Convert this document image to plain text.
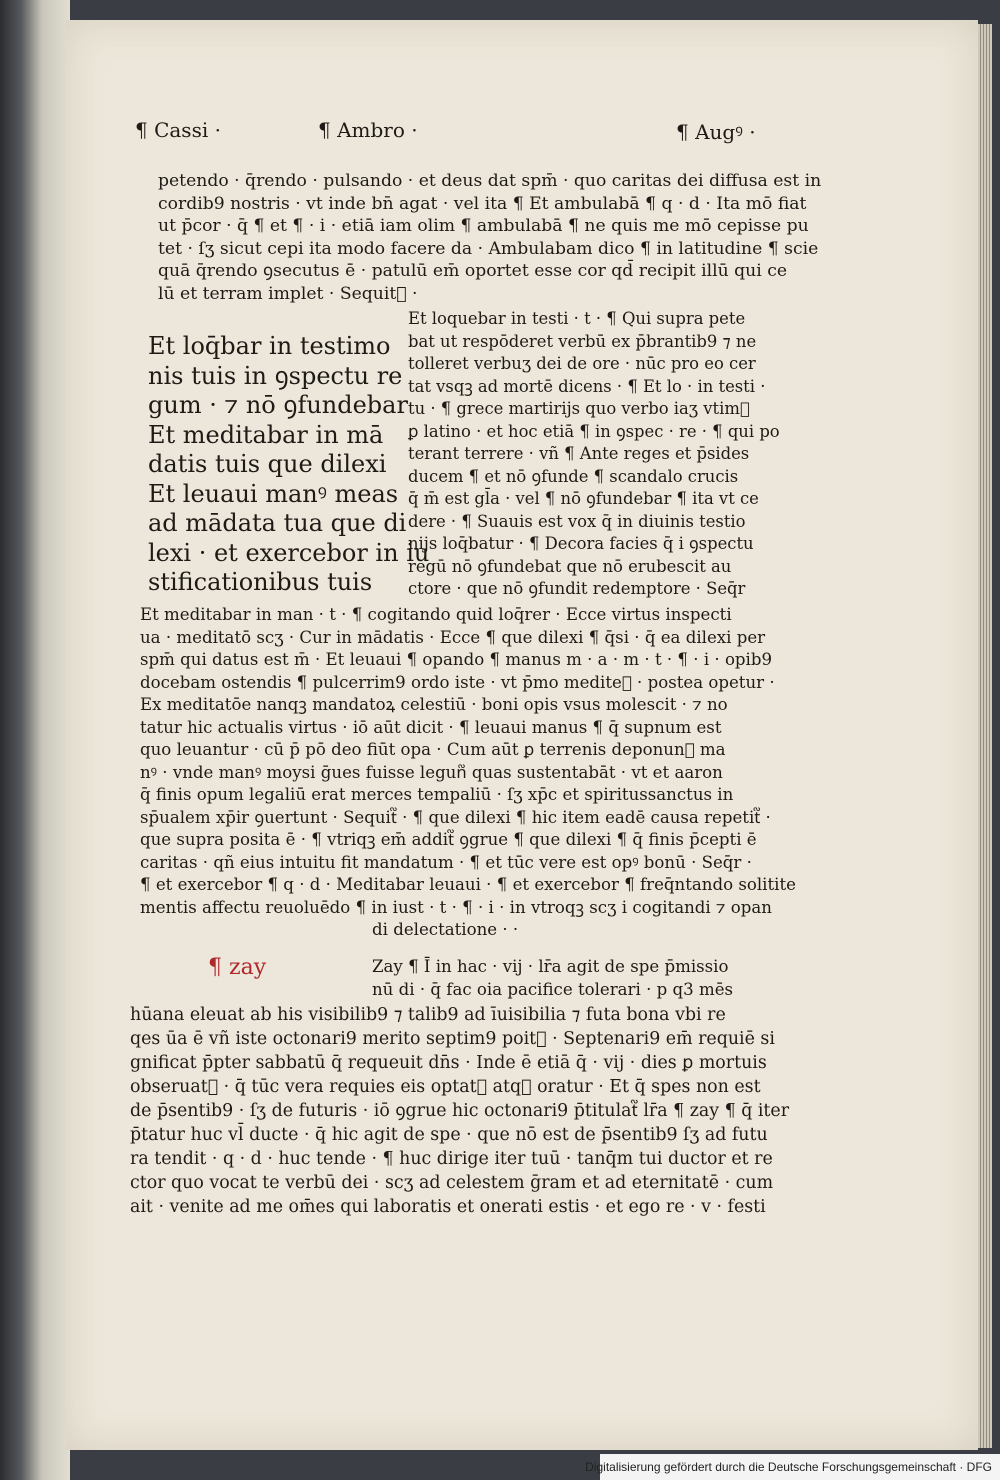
¶ Cassi ·	¶ Ambro ·	¶ Augꝰ ·
petendo · q̄rendo · pulsando · et deus dat spm̄ · quo caritas dei diffusa est in
cordib9 nostris · vt inde bn̄ agat · vel ita ¶ Et ambulabā ¶ q · d · Ita mō fiat
ut p̄cor · q̄ ¶ et ¶ · i · etiā iam olim ¶ ambulabā ¶ ne quis me mō cepisse pu
tet · ſʒ sicut cepi ita modo facere da · Ambulabam dico ¶ in latitudine ¶ scie
quā q̄rendo ꝯsecutus ē · patulū em̄ oportet esse cor qd̄ recipit illū qui ce
lū et terram implet · Sequit᷑ ·
Et loq̄bar in testimo
nis tuis in ꝯspectu re
gum · ⁊ nō ꝯfundebar
Et meditabar in mā
datis tuis que dilexi
Et leuaui manꝰ meas
ad mādata tua que di
lexi · et exercebor in iu
stificationibus tuis
Et loquebar in testi · t · ¶ Qui supra pete
bat ut respōderet verbū ex p̄brantib9 ⁊ ne
tolleret verbuʒ dei de ore · nūc pro eo cer
tat vsqꝫ ad mortē dicens · ¶ Et lo · in testi ·
tu · ¶ grece martirijs quo verbo iaʒ vtim᷑
ꝑ latino · et hoc etiā ¶ in ꝯspec · re · ¶ qui po
terant terrere · vñ ¶ Ante reges et p̄sides
ducem ¶ et nō ꝯfunde ¶ scandalo crucis
q̄ m̄ est gl̄a · vel ¶ nō ꝯfundebar ¶ ita vt ce
dere · ¶ Suauis est vox q̄ in diuinis testio
nijs loq̄batur · ¶ Decora facies q̄ i ꝯspectu
regū nō ꝯfundebat que nō erubescit au
ctore · que nō ꝯfundit redemptore · Seq̄r
Et meditabar in man · t · ¶ cogitando quid loq̄rer · Ecce virtus inspecti
ua · meditatō scʒ · Cur in mādatis · Ecce ¶ que dilexi ¶ q̄si · q̄ ea dilexi per
spm̄ qui datus est m̄ · Et leuaui ¶ opando ¶ manus m · a · m · t · ¶ · i · opib9
docebam ostendis ¶ pulcerrim9 ordo iste · vt p̄mo medite᷑ · postea opetur ·
Ex meditatōe nanqꝫ mandatoꝝ celestiū · boni opis vsus molescit · ⁊ no
tatur hic actualis virtus · iō aūt dicit · ¶ leuaui manus ¶ q̄ supnum est
quo leuantur · cū p̄ pō deo fiūt opa · Cum aūt ꝑ terrenis deponun᷑ ma
nꝰ · vnde manꝰ moysi ḡues fuisse legun᷑ quas sustentabāt · vt et aaron
q̄ finis opum legaliū erat merces tempaliū · ſʒ xp̄c et spiritussanctus in
sp̄ualem xp̄ir ꝯuertunt · Sequit᷑ · ¶ que dilexi ¶ hic item eadē causa repetit᷑ ·
que supra posita ē · ¶ vtriqꝫ em̄ addit᷑ ꝯgrue ¶ que dilexi ¶ q̄ finis p̄cepti ē
caritas · qñ eius intuitu fit mandatum · ¶ et tūc vere est opꝰ bonū · Seq̄r ·
¶ et exercebor ¶ q · d · Meditabar leuaui · ¶ et exercebor ¶ freq̄ntando solitite
mentis affectu reuoluēdo ¶ in iust · t · ¶ · i · in vtroqꝫ scʒ i cogitandi ⁊ opan
di delectatione · ·
¶ zay	Zay ¶ Ī in hac · vij · lr̄a agit de spe p̄missio
nū di · q̄ fac oia pacifice tolerari · p q3 mēs
hūana eleuat ab his visibilib9 ⁊ talib9 ad īuisibilia ⁊ futa bona vbi re
qes ūa ē vñ iste octonari9 merito septim9 poit᷑ · Septenari9 em̄ requiē si
gnificat p̄pter sabbatū q̄ requeuit dn̄s · Inde ē etiā q̄ · vij · dies ꝑ mortuis
obseruat᷑ · q̄ tūc vera requies eis optat᷑ atqꝫ oratur · Et q̄ spes non est
de p̄sentib9 · ſʒ de futuris · iō ꝯgrue hic octonari9 p̄titulat᷑ lr̄a ¶ zay ¶ q̄ iter
p̄tatur huc vl̄ ducte · q̄ hic agit de spe · que nō est de p̄sentib9 ſʒ ad futu
ra tendit · q · d · huc tende · ¶ huc dirige iter tuū · tanq̄m tui ductor et re
ctor quo vocat te verbū dei · scʒ ad celestem ḡram et ad eternitatē · cum
ait · venite ad me om̄es qui laboratis et onerati estis · et ego re · v · festi
Digitalisierung gefördert durch die Deutsche Forschungsgemeinschaft · DFG
